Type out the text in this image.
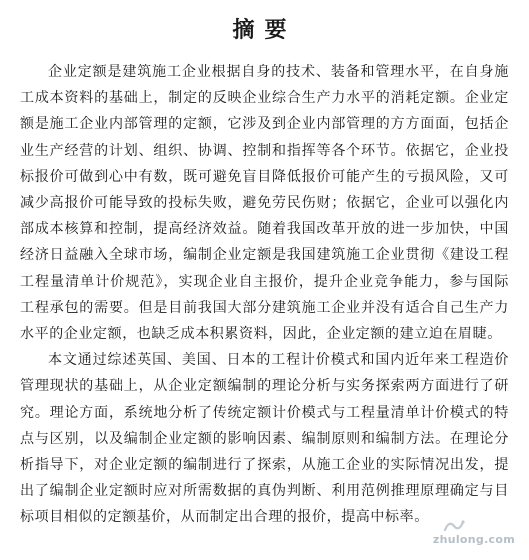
摘要

企业定额是建筑施工企业根据自身的技术、装备和管理水平，在自身施工成本资料的基础上，制定的反映企业综合生产力水平的消耗定额。企业定额是施工企业内部管理的定额，它涉及到企业内部管理的方方面面，包括企业生产经营的计划、组织、协调、控制和指挥等各个环节。依据它，企业投标报价可做到心中有数，既可避免盲目降低报价可能产生的亏损风险，又可减少高报价可能导致的投标失败，避免劳民伤财；依据它，企业可以强化内部成本核算和控制，提高经济效益。随着我国改革开放的进一步加快，中国经济日益融入全球市场，编制企业定额是我国建筑施工企业贯彻《建设工程工程量清单计价规范》，实现企业自主报价，提升企业竞争能力，参与国际工程承包的需要。但是目前我国大部分建筑施工企业并没有适合自己生产力水平的企业定额，也缺乏成本积累资料，因此，企业定额的建立迫在眉睫。

本文通过综述英国、美国、日本的工程计价模式和国内近年来工程造价管理现状的基础上，从企业定额编制的理论分析与实务探索两方面进行了研究。理论方面，系统地分析了传统定额计价模式与工程量清单计价模式的特点与区别，以及编制企业定额的影响因素、编制原则和编制方法。在理论分析指导下，对企业定额的编制进行了探索，从施工企业的实际情况出发，提出了编制企业定额时应对所需数据的真伪判断、利用范例推理原理确定与目标项目相似的定额基价，从而制定出合理的报价，提高中标率。

zhulong.com
